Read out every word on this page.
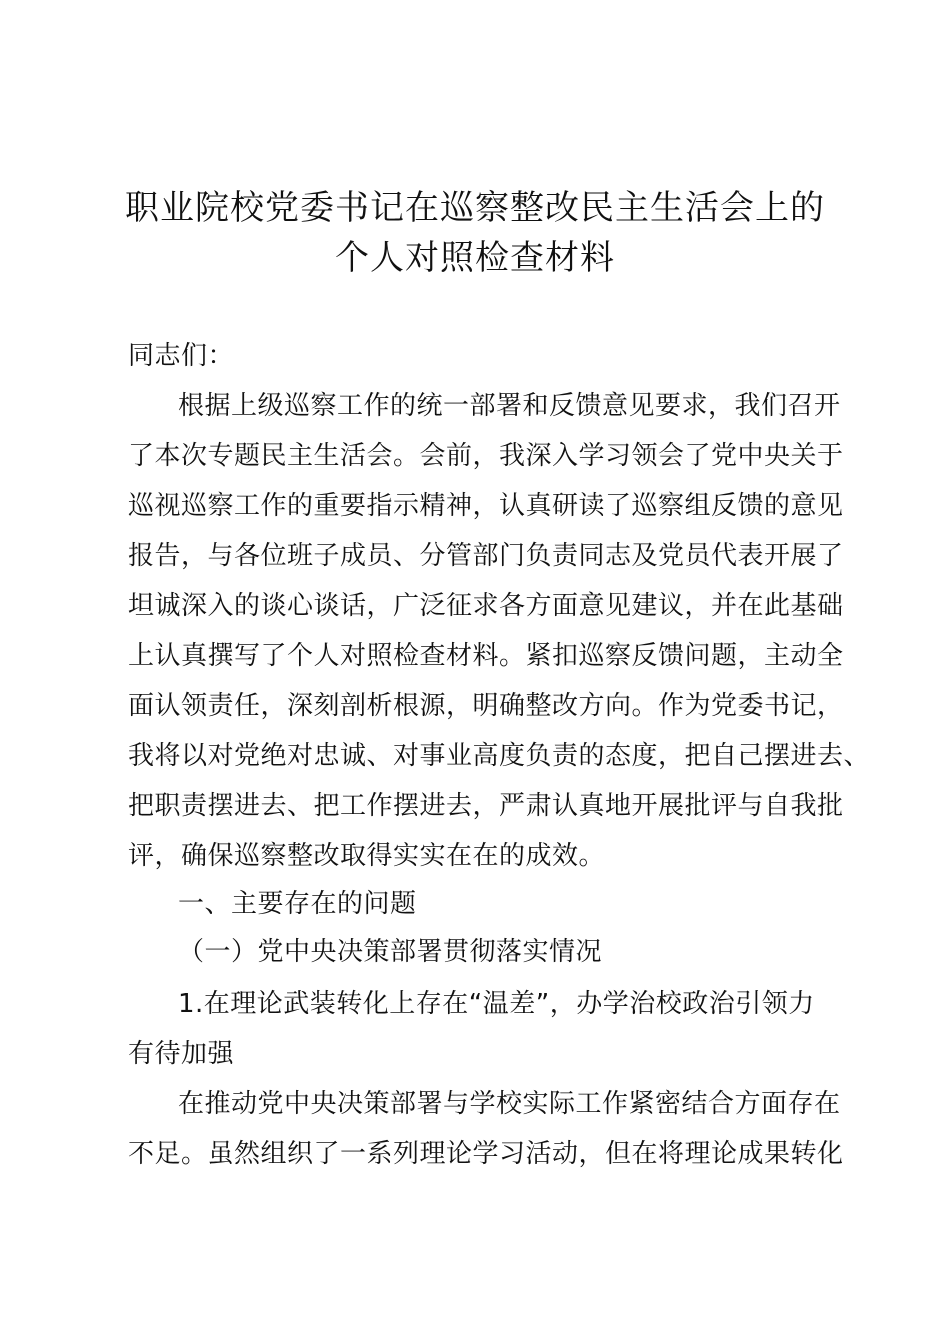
职业院校党委书记在巡察整改民主生活会上的
个人对照检查材料
同志们：
根据上级巡察工作的统一部署和反馈意见要求，我们召开
了本次专题民主生活会。会前，我深入学习领会了党中央关于
巡视巡察工作的重要指示精神，认真研读了巡察组反馈的意见
报告，与各位班子成员、分管部门负责同志及党员代表开展了
坦诚深入的谈心谈话，广泛征求各方面意见建议，并在此基础
上认真撰写了个人对照检查材料。紧扣巡察反馈问题，主动全
面认领责任，深刻剖析根源，明确整改方向。作为党委书记，
我将以对党绝对忠诚、对事业高度负责的态度，把自己摆进去、
把职责摆进去、把工作摆进去，严肃认真地开展批评与自我批
评，确保巡察整改取得实实在在的成效。
一、主要存在的问题
（一）党中央决策部署贯彻落实情况
1.在理论武装转化上存在“温差”，办学治校政治引领力
有待加强
在推动党中央决策部署与学校实际工作紧密结合方面存在
不足。虽然组织了一系列理论学习活动，但在将理论成果转化
